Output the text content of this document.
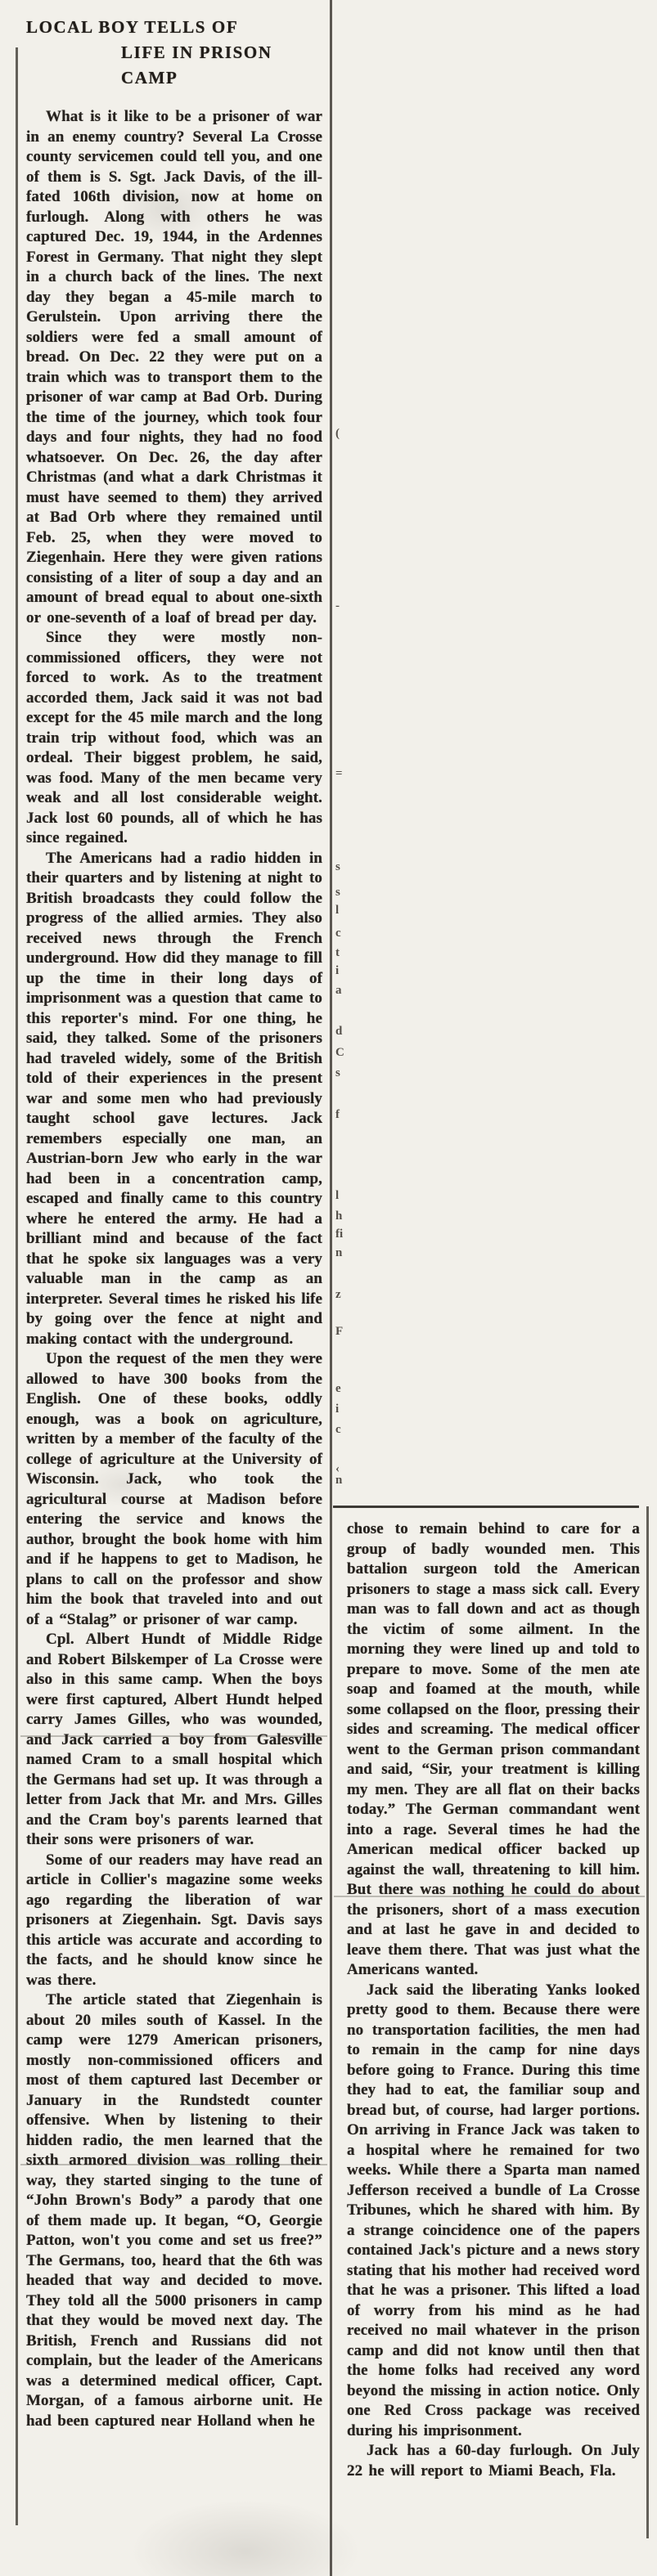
LOCAL BOY TELLS OF
LIFE IN PRISON CAMP

What is it like to be a prisoner of war in an enemy country? Several La Crosse county servicemen could tell you, and one of them is S. Sgt. Jack Davis, of the ill-fated 106th division, now at home on furlough. Along with others he was captured Dec. 19, 1944, in the Ardennes Forest in Germany. That night they slept in a church back of the lines. The next day they began a 45-mile march to Gerulstein. Upon arriving there the soldiers were fed a small amount of bread. On Dec. 22 they were put on a train which was to transport them to the prisoner of war camp at Bad Orb. During the time of the journey, which took four days and four nights, they had no food whatsoever. On Dec. 26, the day after Christmas (and what a dark Christmas it must have seemed to them) they arrived at Bad Orb where they remained until Feb. 25, when they were moved to Ziegenhain. Here they were given rations consisting of a liter of soup a day and an amount of bread equal to about one-sixth or one-seventh of a loaf of bread per day.

Since they were mostly non-commissioned officers, they were not forced to work. As to the treatment accorded them, Jack said it was not bad except for the 45 mile march and the long train trip without food, which was an ordeal. Their biggest problem, he said, was food. Many of the men became very weak and all lost considerable weight. Jack lost 60 pounds, all of which he has since regained.

The Americans had a radio hidden in their quarters and by listening at night to British broadcasts they could follow the progress of the allied armies. They also received news through the French underground. How did they manage to fill up the time in their long days of imprisonment was a question that came to this reporter's mind. For one thing, he said, they talked. Some of the prisoners had traveled widely, some of the British told of their experiences in the present war and some men who had previously taught school gave lectures. Jack remembers especially one man, an Austrian-born Jew who early in the war had been in a concentration camp, escaped and finally came to this country where he entered the army. He had a brilliant mind and because of the fact that he spoke six languages was a very valuable man in the camp as an interpreter. Several times he risked his life by going over the fence at night and making contact with the underground.

Upon the request of the men they were allowed to have 300 books from the English. One of these books, oddly enough, was a book on agriculture, written by a member of the faculty of the college of agriculture at the University of Wisconsin. Jack, who took the agricultural course at Madison before entering the service and knows the author, brought the book home with him and if he happens to get to Madison, he plans to call on the professor and show him the book that traveled into and out of a “Stalag” or prisoner of war camp.

Cpl. Albert Hundt of Middle Ridge and Robert Bilskemper of La Crosse were also in this same camp. When the boys were first captured, Albert Hundt helped carry James Gilles, who was wounded, and Jack carried a boy from Galesville named Cram to a small hospital which the Germans had set up. It was through a letter from Jack that Mr. and Mrs. Gilles and the Cram boy's parents learned that their sons were prisoners of war.

Some of our readers may have read an article in Collier's magazine some weeks ago regarding the liberation of war prisoners at Ziegenhain. Sgt. Davis says this article was accurate and according to the facts, and he should know since he was there.

The article stated that Ziegenhain is about 20 miles south of Kassel. In the camp were 1279 American prisoners, mostly non-commissioned officers and most of them captured last December or January in the Rundstedt counter offensive. When by listening to their hidden radio, the men learned that the sixth armored division was rolling their way, they started singing to the tune of “John Brown's Body” a parody that one of them made up. It began, “O, Georgie Patton, won't you come and set us free?” The Germans, too, heard that the 6th was headed that way and decided to move. They told all the 5000 prisoners in camp that they would be moved next day. The British, French and Russians did not complain, but the leader of the Americans was a determined medical officer, Capt. Morgan, of a famous airborne unit. He had been captured near Holland when he

chose to remain behind to care for a group of badly wounded men. This battalion surgeon told the American prisoners to stage a mass sick call. Every man was to fall down and act as though the victim of some ailment. In the morning they were lined up and told to prepare to move. Some of the men ate soap and foamed at the mouth, while some collapsed on the floor, pressing their sides and screaming. The medical officer went to the German prison commandant and said, “Sir, your treatment is killing my men. They are all flat on their backs today.” The German commandant went into a rage. Several times he had the American medical officer backed up against the wall, threatening to kill him. But there was nothing he could do about the prisoners, short of a mass execution and at last he gave in and decided to leave them there. That was just what the Americans wanted.

Jack said the liberating Yanks looked pretty good to them. Because there were no transportation facilities, the men had to remain in the camp for nine days before going to France. During this time they had to eat, the familiar soup and bread but, of course, had larger portions. On arriving in France Jack was taken to a hospital where he remained for two weeks. While there a Sparta man named Jefferson received a bundle of La Crosse Tribunes, which he shared with him. By a strange coincidence one of the papers contained Jack's picture and a news story stating that his mother had received word that he was a prisoner. This lifted a load of worry from his mind as he had received no mail whatever in the prison camp and did not know until then that the home folks had received any word beyond the missing in action notice. Only one Red Cross package was received during his imprisonment.

Jack has a 60-day furlough. On July 22 he will report to Miami Beach, Fla.

(
-
=
s
s
l
c
t
i
a
d
C
s
f
l
h
fi
n
z
F
e
i
c
‹
n
